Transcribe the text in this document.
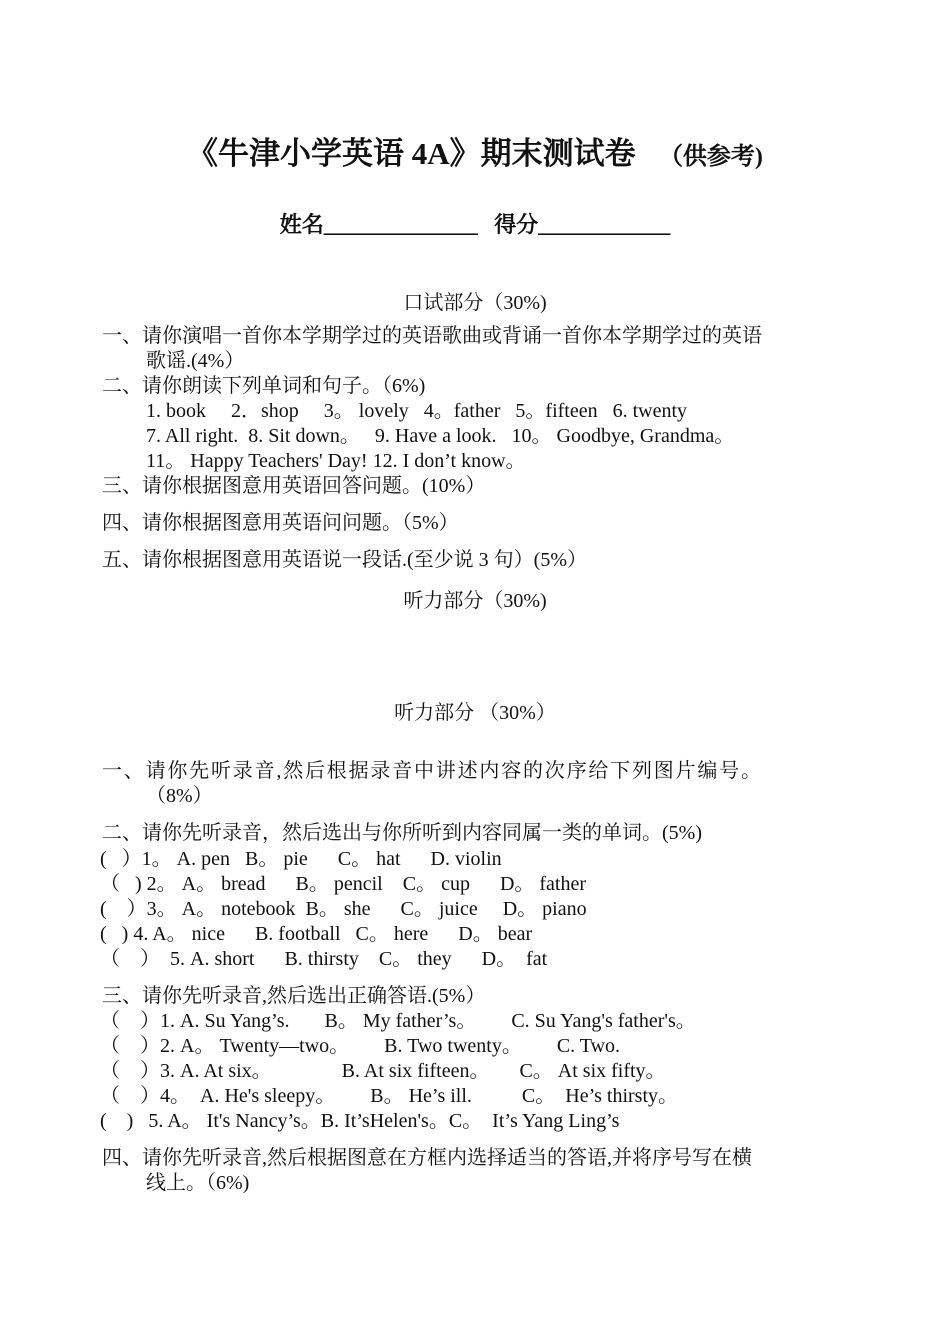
《牛津小学英语 4A》期末测试卷 （供参考)
姓名______________   得分____________
口试部分（30%)
一、请你演唱一首你本学期学过的英语歌曲或背诵一首你本学期学过的英语
歌谣.(4%）
二、请你朗读下列单词和句子。（6%)
1. book     2．shop     3。 lovely   4。father   5。fifteen   6. twenty
7. All right.  8. Sit down。   9. Have a look.   10。 Goodbye, Grandma。
11。 Happy Teachers' Day! 12. I don’t know。
三、请你根据图意用英语回答问题。(10%）
四、请你根据图意用英语问问题。（5%）
五、请你根据图意用英语说一段话.(至少说 3 句）(5%）
听力部分（30%)
听力部分 （30%）
一、请你先听录音,然后根据录音中讲述内容的次序给下列图片编号。
（8%）
二、请你先听录音，然后选出与你所听到内容同属一类的单词。(5%)
(   ）1。 A. pen   B。 pie      C。 hat      D. violin
（   ) 2。 A。 bread      B。 pencil    C。 cup      D。 father
(    ）3。 A。 notebook  B。 she      C。 juice     D。 piano
(   ) 4. A。 nice      B. football   C。 here      D。 bear
（    ）  5. A. short      B. thirsty    C。 they      D。  fat
三、请你先听录音,然后选出正确答语.(5%）
（    ）1. A. Su Yang’s.       B。 My father’s。       C. Su Yang's father's。
（    ）2. A。 Twenty—two。       B. Two twenty。       C. Two.
（    ）3. A. At six。              B. At six fifteen。      C。 At six fifty。
（    ）4。  A. He's sleepy。       B。 He’s ill.          C。  He’s thirsty。
(    )   5. A。 It's Nancy’s。B. It’sHelen's。C。  It’s Yang Ling’s
四、请你先听录音,然后根据图意在方框内选择适当的答语,并将序号写在横
线上。（6%)
